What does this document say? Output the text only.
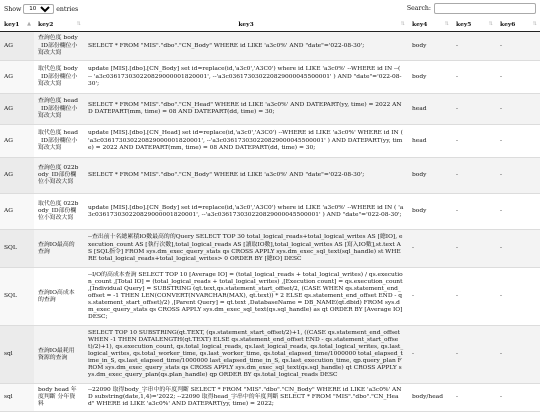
Show
10	entries	Search:
key1 ▲	key2 ⇅	key3 ⇅	key4 ⇅	key5 ⇅	key6 ⇅

AG	查詢色度 body_ID部份欄位小寫改大寫	SELECT * FROM "MIS"."dbo"."CN_Body" WHERE id LIKE 'a3c0%' AND "date"='022-08-30';	body	-	-
AG	取代色度 body_ID部份欄位小寫改大寫	update [MIS].[dbo].[CN_Body] set id=replace(id,'a3c0','A3C0') where id LIKE 'a3c0%' --WHERE id IN --( -- 'a3c036173030220829000001820001', --'a3c036173030220829000045500001' ) AND "date"='022-08-30';	body	-	-
AG	查詢色度 head_ID部份欄位小寫改大寫	SELECT * FROM "MIS"."dbo"."CN_Head" WHERE id LIKE 'a3c0%' AND DATEPART(yy, time) = 2022 AND DATEPART(mm, time) = 08 AND DATEPART(dd, time) = 30;	head	-	-
AG	取代色度 head_ID部份欄位小寫改大寫	update [MIS].[dbo].[CN_Head] set id=replace(id,'a3c0','A3C0') --WHERE id LIKE 'a3c0%' WHERE id IN ( 'a3c036173030220829000001820001', --'a3c036173030220829000045500001' ) AND DATEPART(yy, time) = 2022 AND DATEPART(mm, time) = 08 AND DATEPART(dd, time) = 30;	head	-	-
AG	查詢色度 022body_ID部份欄位小寫改大寫	SELECT * FROM "MIS"."dbo"."CN_Body" WHERE id LIKE 'a3c0%' AND "date"='022-08-30';	body	-	-
AG	取代色度 022body_ID部份欄位小寫改大寫	update [MIS].[dbo].[CN_Body] set id=replace(id,'a3c0','A3C0') where id LIKE 'a3c0%' --WHERE id IN ( 'a3c036173030220829000001820001', --'a3c036173030220829000045500001' ) AND "date"='022-08-30';	body	-	-
SQL	查詢IO最高的查詢	--查出前十名總累積IO數最高的的Query SELECT TOP 30 total_logical_reads+total_logical_writes AS [總IO], execution_count AS [執行次數],total_logical_reads AS [讀取IO數],total_logical_writes AS [寫入IO數],st.text AS [SQL指令] FROM sys.dm_exec_query_stats qs CROSS APPLY sys.dm_exec_sql_text(sql_handle) st WHERE total_logical_reads+total_logical_writes> 0 ORDER BY [總IO] DESC	-	-	-
SQL	查詢IO高成本的查詢	--I/O的高成本查詢 SELECT TOP 10 [Average IO] = (total_logical_reads + total_logical_writes) / qs.execution_count ,[Total IO] = (total_logical_reads + total_logical_writes) ,[Execution count] = qs.execution_count ,[Individual Query] = SUBSTRING (qt.text,qs.statement_start_offset/2, (CASE WHEN qs.statement_end_offset = -1 THEN LEN(CONVERT(NVARCHAR(MAX), qt.text)) * 2 ELSE qs.statement_end_offset END - qs.statement_start_offset)/2) ,[Parent Query] = qt.text ,DatabaseName = DB_NAME(qt.dbid) FROM sys.dm_exec_query_stats qs CROSS APPLY sys.dm_exec_sql_text(qs.sql_handle) as qt ORDER BY [Average IO] DESC;	-	-	-
sql	查詢IO最耗用資源的查詢	SELECT TOP 10 SUBSTRING(qt.TEXT, (qs.statement_start_offset/2)+1, ((CASE qs.statement_end_offset WHEN -1 THEN DATALENGTH(qt.TEXT) ELSE qs.statement_end_offset END - qs.statement_start_offset)/2)+1), qs.execution_count, qs.total_logical_reads, qs.last_logical_reads, qs.total_logical_writes, qs.last_logical_writes, qs.total_worker_time, qs.last_worker_time, qs.total_elapsed_time/1000000 total_elapsed_time_in_S, qs.last_elapsed_time/1000000 last_elapsed_time_in_S, qs.last_execution_time, qp.query_plan FROM sys.dm_exec_query_stats qs CROSS APPLY sys.dm_exec_sql_text(qs.sql_handle) qt CROSS APPLY sys.dm_exec_query_plan(qs.plan_handle) qp ORDER BY qs.total_logical_reads DESC	-	-	-
sql	body head 年度判斷 分年資料	--22090 取得body_字串中的年度判斷 SELECT * FROM "MIS"."dbo"."CN_Body" WHERE id LIKE 'a3c0%' AND substring(date,1,4)='2022; --22090 取得head_字串中的年度判斷 SELECT * FROM "MIS"."dbo"."CN_Head" WHERE id LIKE 'a3c0%' AND DATEPART(yy, time) = 2022;	body/head	-	-
